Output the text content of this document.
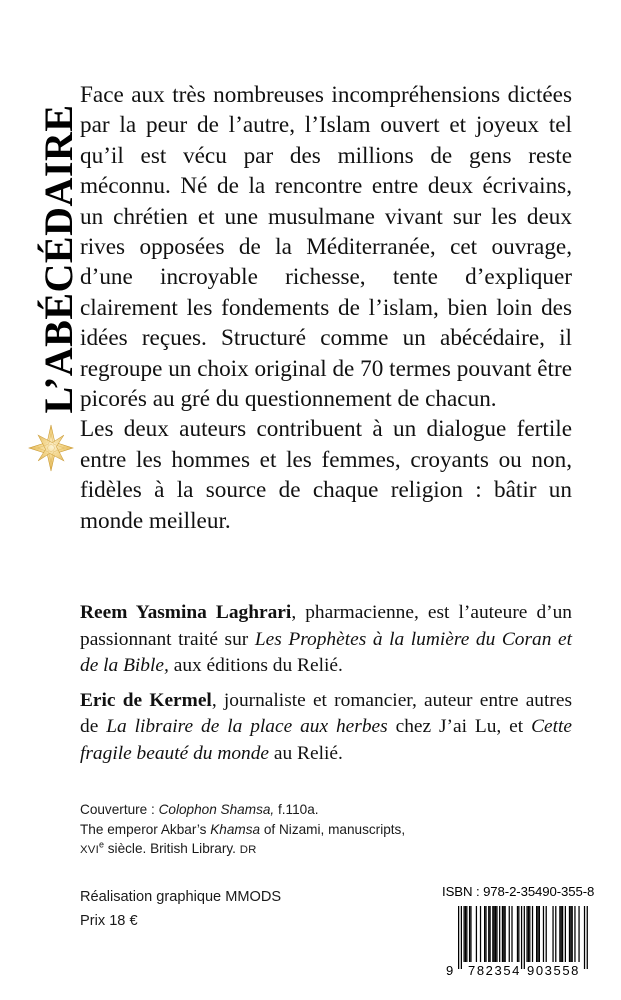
L’ABÉCÉDAIRE

Face aux très nombreuses incompréhensions dictées par la peur de l’autre, l’Islam ouvert et joyeux tel qu’il est vécu par des millions de gens reste méconnu. Né de la rencontre entre deux écrivains, un chrétien et une musulmane vivant sur les deux rives opposées de la Méditerranée, cet ouvrage, d’une incroyable richesse, tente d’expliquer clairement les fondements de l’islam, bien loin des idées reçues. Structuré comme un abécédaire, il regroupe un choix original de 70 termes pouvant être picorés au gré du questionnement de chacun.

Les deux auteurs contribuent à un dialogue fertile entre les hommes et les femmes, croyants ou non, fidèles à la source de chaque religion : bâtir un monde meilleur.

Reem Yasmina Laghrari, pharmacienne, est l’auteure d’un passionnant traité sur Les Prophètes à la lumière du Coran et de la Bible, aux éditions du Relié.

Eric de Kermel, journaliste et romancier, auteur entre autres de La libraire de la place aux herbes chez J’ai Lu, et Cette fragile beauté du monde au Relié.

Couverture : Colophon Shamsa, f.110a.
The emperor Akbar’s Khamsa of Nizami, manuscripts,
XVIe siècle. British Library. DR
Réalisation graphique MMODS
Prix 18 €
ISBN : 978-2-35490-355-8
9 782354 903558
